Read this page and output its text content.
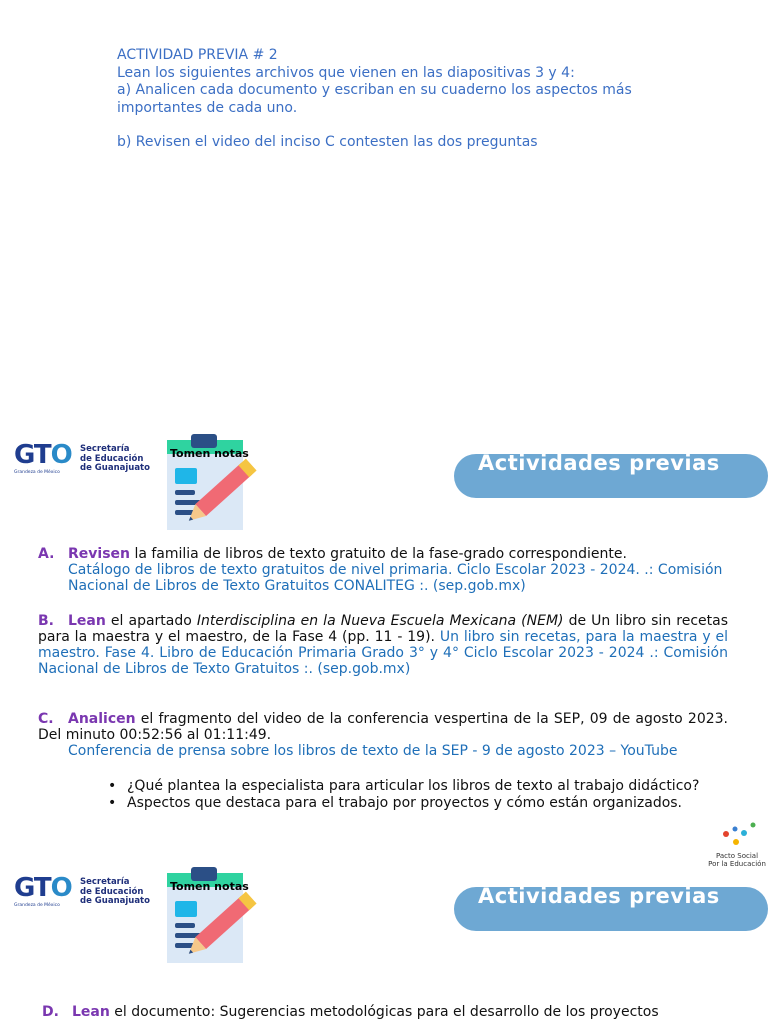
ACTIVIDAD PREVIA # 2

Lean los siguientes archivos que vienen en las diapositivas 3 y 4:

a) Analicen cada documento y escriban en su cuaderno los aspectos más importantes de cada uno.

b) Revisen el video del inciso C contesten las dos preguntas

GTO
Grandeza de México
Secretaría
de Educación
de Guanajuato
Tomen notas	Actividades previas
A. Revisen la familia de libros de texto gratuito de la fase-grado correspondiente.
Catálogo de libros de texto gratuitos de nivel primaria. Ciclo Escolar 2023 - 2024. .: Comisión Nacional de Libros de Texto Gratuitos CONALITEG :. (sep.gob.mx)
B. Lean el apartado Interdisciplina en la Nueva Escuela Mexicana (NEM) de Un libro sin recetas para la maestra y el maestro, de la Fase 4 (pp. 11 - 19). Un libro sin recetas, para la maestra y el maestro. Fase 4. Libro de Educación Primaria Grado 3° y 4° Ciclo Escolar 2023 - 2024 .: Comisión Nacional de Libros de Texto Gratuitos :. (sep.gob.mx)
C. Analicen el fragmento del video de la conferencia vespertina de la SEP, 09 de agosto 2023. Del minuto 00:52:56 al 01:11:49.
Conferencia de prensa sobre los libros de texto de la SEP - 9 de agosto 2023 – YouTube
• ¿Qué plantea la especialista para articular los libros de texto al trabajo didáctico?
• Aspectos que destaca para el trabajo por proyectos y cómo están organizados.
Pacto Social
Por la Educación
GTO
Grandeza de México
Secretaría
de Educación
de Guanajuato
Tomen notas	Actividades previas
D. Lean el documento: Sugerencias metodológicas para el desarrollo de los proyectos
